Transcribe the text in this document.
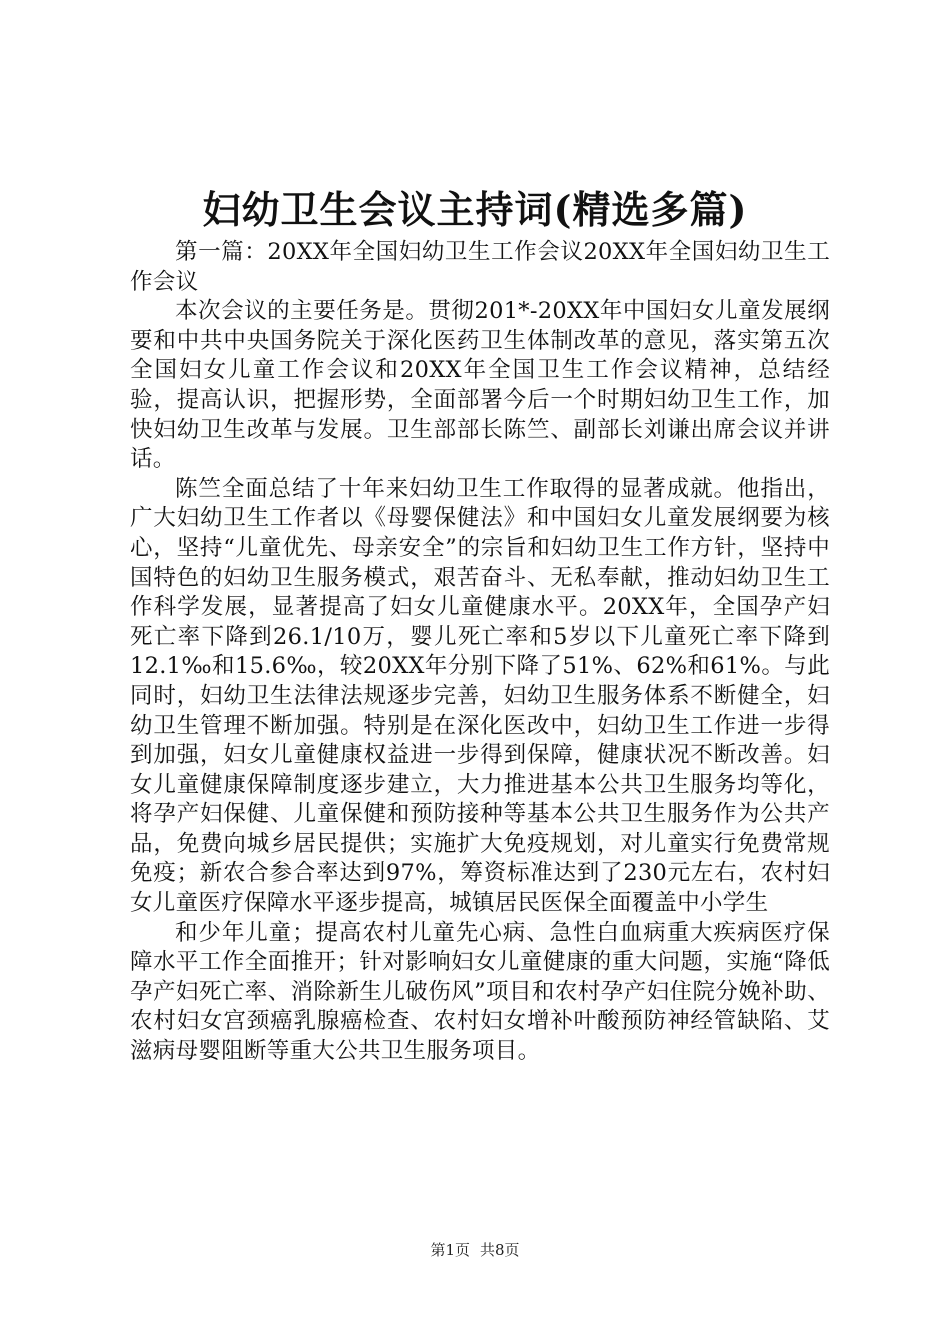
妇幼卫生会议主持词(精选多篇)

第一篇：20XX年全国妇幼卫生工作会议20XX年全国妇幼卫生工作会议

本次会议的主要任务是。贯彻201*-20XX年中国妇女儿童发展纲要和中共中央国务院关于深化医药卫生体制改革的意见，落实第五次全国妇女儿童工作会议和20XX年全国卫生工作会议精神，总结经验，提高认识，把握形势，全面部署今后一个时期妇幼卫生工作，加快妇幼卫生改革与发展。卫生部部长陈竺、副部长刘谦出席会议并讲话。

陈竺全面总结了十年来妇幼卫生工作取得的显著成就。他指出，广大妇幼卫生工作者以《母婴保健法》和中国妇女儿童发展纲要为核心，坚持“儿童优先、母亲安全”的宗旨和妇幼卫生工作方针，坚持中国特色的妇幼卫生服务模式，艰苦奋斗、无私奉献，推动妇幼卫生工作科学发展，显著提高了妇女儿童健康水平。20XX年，全国孕产妇死亡率下降到26.1/10万，婴儿死亡率和5岁以下儿童死亡率下降到12.1‰和15.6‰，较20XX年分别下降了51%、62%和61%。与此同时，妇幼卫生法律法规逐步完善，妇幼卫生服务体系不断健全，妇幼卫生管理不断加强。特别是在深化医改中，妇幼卫生工作进一步得到加强，妇女儿童健康权益进一步得到保障，健康状况不断改善。妇女儿童健康保障制度逐步建立，大力推进基本公共卫生服务均等化，将孕产妇保健、儿童保健和预防接种等基本公共卫生服务作为公共产品，免费向城乡居民提供；实施扩大免疫规划，对儿童实行免费常规免疫；新农合参合率达到97%，筹资标准达到了230元左右，农村妇女儿童医疗保障水平逐步提高，城镇居民医保全面覆盖中小学生

和少年儿童；提高农村儿童先心病、急性白血病重大疾病医疗保障水平工作全面推开；针对影响妇女儿童健康的重大问题，实施“降低孕产妇死亡率、消除新生儿破伤风”项目和农村孕产妇住院分娩补助、农村妇女宫颈癌乳腺癌检查、农村妇女增补叶酸预防神经管缺陷、艾滋病母婴阻断等重大公共卫生服务项目。

第1页 共8页
